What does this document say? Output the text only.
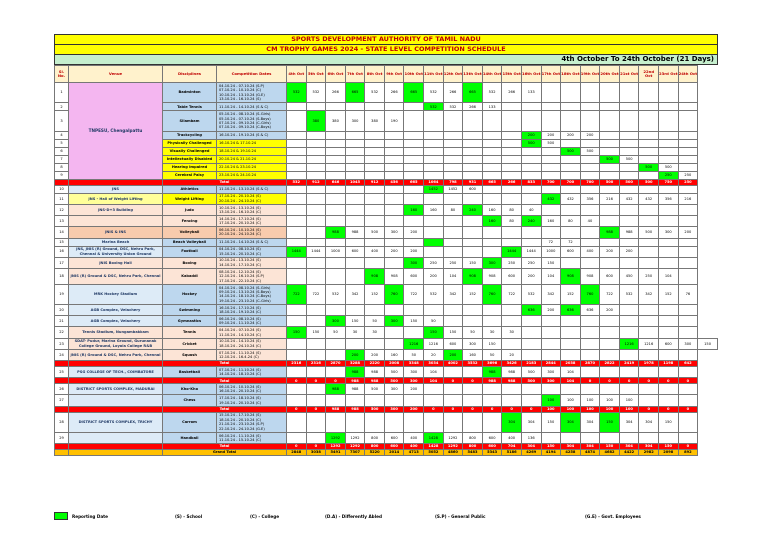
SPORTS DEVELOPMENT AUTHORITY OF TAMIL NADU
CM TROPHY GAMES 2024 - STATE LEVEL COMPETITION SCHEDULE
4th October To 24th October (21 Days)
Sl. No.	Venue	Disciplines	Competition Dates	4th Oct	5th Oct	6th Oct	7th Oct	8th Oct	9th Oct	10th Oct	11th Oct	12th Oct	13th Oct	14th Oct	15th Oct	16th Oct	17th Oct	18th Oct	19th Oct	20th Oct	21st Oct	22nd Oct	23rd Oct	24th Oct	
1	TNPESU, Chengalpattu	Badminton	04.10.24 - 07.10.24 (S.P)
07.10.24 - 10.10.24 (C)
10.10.24 - 13.10.24 (G.E)
13.10.24 - 16.10.24 (S)	532	532	266	665	532	266	665	532	266	665	532	266	133									
2		Table Tennis	11.10.24 - 14.10.24 (S & C)								532	532	266	133											
3		Silambam	05.10.24 - 08.10.24 (S-Girls)
05.10.24 - 07.10.24 (S-Boys)
07.10.24 - 09.10.24 (C-Girls)
07.10.24 - 09.10.24 (C-Boys)		380	380	300	380	190																
4		Trackcycling	16.10.24 - 19.10.24 (S & C)													200	200	200	200						
5		Physically Challenged	16.10.24 & 17.10.24													500	500								
6		Visually Challenged	18.10.24 & 19.10.24															500	500						
7		Intellectually Disabled	20.10.24 & 21.10.24																	500	500				
8		Hearing Impaired	22.10.24 & 23.10.24																			500	500		
9		Cerebral Palsy	23.10.24 & 24.10.24																				250	250	
		Total		532	912	646	1045	912	456	665	1064	798	931	665	266	833	700	700	700	500	500	500	750	250	
10	JNS	Athletics	11.10.24 - 13.10.24 (S & C)								1452	1452	600												
11	JNS - Hall of Weight Lifting	Weight Lifting	17.10.24 - 20.10.24 (S)
20.10.24 - 24.10.24 (C)														432	432	356	216	432	432	356	216	
12	JNS-D+3 Building	Judo	10.10.24 - 13.10.24 (S)
13.10.24 - 16.10.24 (C)							160	160	80	240	160	80	40									
13		Fencing	14.10.24 - 17.10.24 (S)
17.10.24 - 20.10.24 (C)											160	80	240	160	80	40						
14	JNIS & INS	Volleyball	06.10.24 - 10.10.24 (S)
20.10.24 - 24.10.24 (C)			988	988	500	300	200										988	988	500	300	200	
15	Marina Beach	Beach Volleyball	11.10.24 - 14.10.24 (S & C)														72	72							
16	JNS, JNIS (R) Ground, DSC, Nehru Park, Chennai & University Union Ground	Football	04.10.24 - 08.10.24 (S)
15.10.24 - 20.10.24 (C)	1444	1444	1000	600	400	200	200					1444	1444	1000	600	400	200	200				
17	JNIS Boxing Hall	Boxing	10.10.24 - 13.10.24 (S)
14.10.24 - 17.10.24 (C)							300	250	250	150	300	250	250	150								
18	JNIS (R) Ground & DSC, Nehru Park, Chennai	Kabaddi	08.10.24 - 12.10.24 (S)
12.10.24 - 16.10.24 (S.P)
17.10.24 - 22.10.24 (C)					908	908	600	200	104	908	908	600	200	104	908	908	600	450	250	104		
19	MRK Hockey Stadium	Hockey	04.10.24 - 08.10.24 (S-Girls)
09.10.24 - 13.10.24 (S-Boys)
14.10.24 - 18.10.24 (C-Boys)
19.10.24 - 23.10.24 (C-Girls)	722	722	532	342	152	760	722	532	342	152	760	722	532	342	152	760	722	532	342	152	76	
20	AGB Complex, Velachery	Swimming	16.10.24 - 17.10.24 (S)
18.10.24 - 19.10.24 (C)													636	200	636	636	200					
21	AGB Complex, Velachery	Gymnastics	06.10.24 - 08.10.24 (S)
09.10.24 - 11.10.24 (C)			300	150	50	300	150	50														
22	Tennis Stadium, Nungambakkam	Tennis	04.10.24 - 07.10.24 (S)
11.10.24 - 14.10.24 (C)	150	150	50	30	30			150	150	50	30	30										
23	SDAT- Pudur, Marina Ground, Gurunanak College Ground, Loyola College R&B	Cricket	10.10.24 - 14.10.24 (S)
18.10.24 - 24.10.24 (C)							1216	1216	600	300	150							1216	1216	600	300	150
24	JNIS (R) Ground & DSC, Nehru Park, Chennai	Squash	07.10.24 - 11.10.24 (S)
12.10.24 - 16.4.24 (C)				200	200	160	50	20	200	160	50	20										
		Total		2316	2316	2870	3288	2220	2008	3348	3034	4002	3532	3696	3426	2183	2844	2038	2870	2822	2419	1978	1198	642	
25	PSG COLLEGE OF TECH., COIMBATORE	Basketball	07.10.24 - 11.10.24 (S)
14.10.24 - 18.10.24 (C)				988	988	500	300	104			988	988	500	300	104							
		Total		0	0	0	988	988	500	300	104	0	0	988	988	500	300	104	0	0	0	0	0	0	
26	DISTRICT SPORTS COMPLEX, MADURAI	Kho-Kho	06.10.24 - 10.10.24 (S)
16.10.24 - 20.10.24 (C)			988	988	500	300	200															
27		Chess	17.10.24 - 18.10.24 (S)
19.10.24 - 20.10.24 (C)														100	100	100	100	100				
		Total		0	0	988	988	500	300	200	0	0	0	0	0	0	100	100	100	100	100	0	0	0	
28	DISTRICT SPORTS COMPLEX, TRICHY	Carrom	15.10.24 - 17.10.24 (S)
18.10.24 - 20.10.24 (C)
21.10.24 - 23.10.24 (S.P)
22.10.24 - 24.10.24 (G.E)												304	304	150	304	304	150	304	304	150		
29		Handball	06.10.24 - 11.10.24 (S)
11.10.24 - 15.10.24 (C)			1292	1292	800	600	400	1428	1292	800	600	400	136									
		Total		0	0	1292	1292	800	600	400	1428	1292	800	600	704	304	150	304	304	150	304	304	150	0	
		Grand Total		2848	3038	5491	7307	5220	2014	4713	5052	4860	5483	5343	5186	4269	4194	4258	4874	4682	4422	2982	2098	892	
Reporting Date	(S) - School	(C) - College	(D.A) - Differently Abled	(S.P) - General Public	(G.E) - Govt. Employees
